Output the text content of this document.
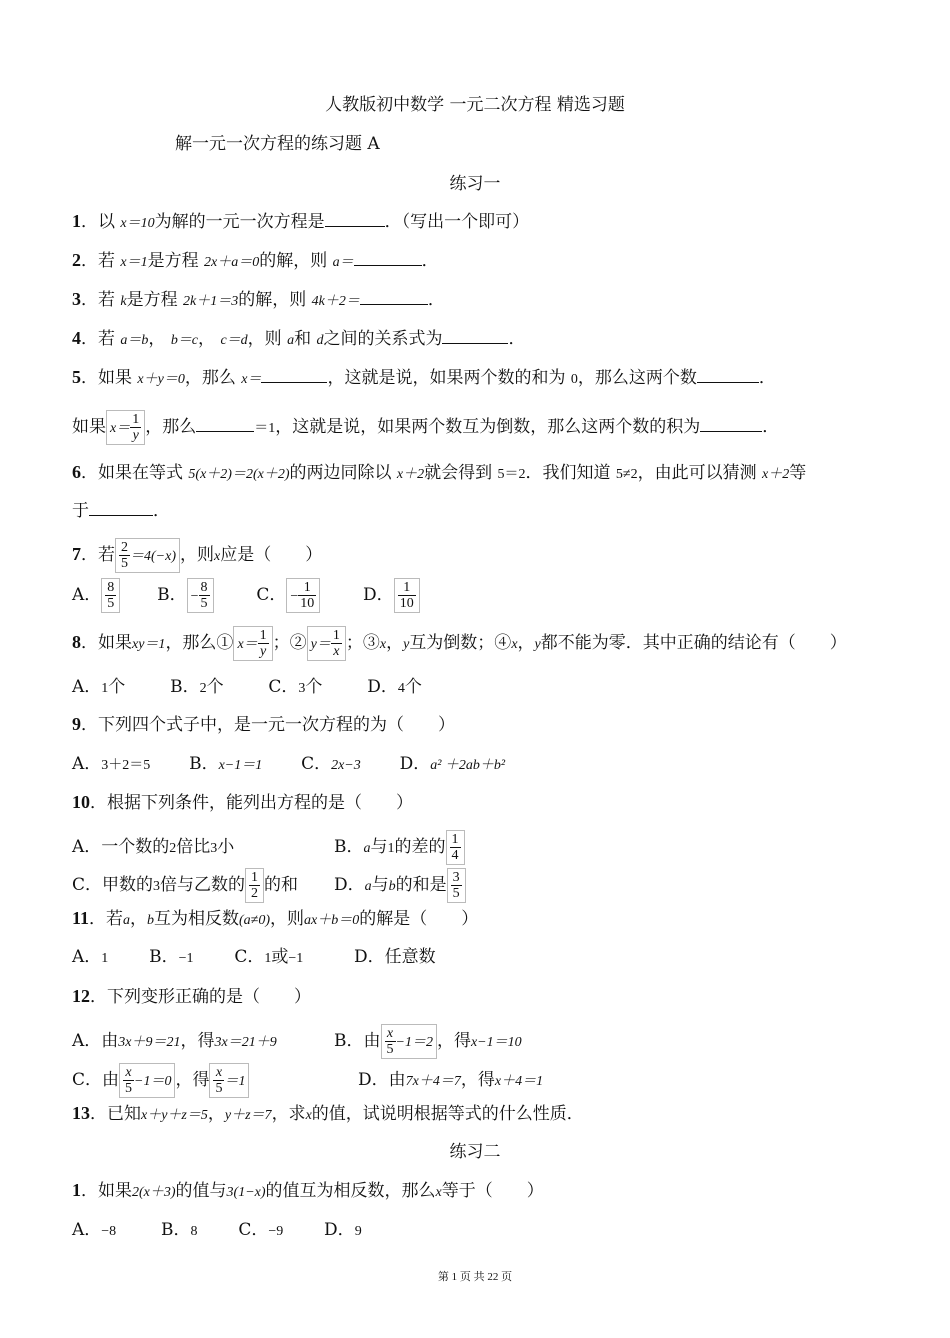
人教版初中数学 一元二次方程 精选习题
解一元一次方程的练习题 A
练习一
1．以 x＝10为解的一元一次方程是	．（写出一个即可）
2．若 x＝1是方程 2x＋a＝0的解，则 a＝	．
3．若 k是方程 2k＋1＝3的解，则 4k＋2＝	．
4．若 a＝b， b＝c， c＝d，则 a和 d之间的关系式为	．
5．如果 x＋y＝0，那么 x＝	，这就是说，如果两个数的和为 0，那么这两个数	．
如果 $x= \frac{1}{y}$ ，那么	＝1，这就是说，如果两个数互为倒数，那么这两个数的积为	．
6．如果在等式 5(x＋2)＝2(x＋2)的两边同除以 x＋2就会得到 5＝2．我们知道 5≠2，由此可以猜测 x＋2等
于	．
7．若 $\frac{2}{5} =4(-x)$ ，则x应是（　　）
A． $\frac{8}{5}$ B． − $\frac{8}{5}$	C． − $\frac{1}{10}$	D． $\frac{1}{10}$
8．如果xy＝1，那么① $x= \frac{1}{y}$ ；② $y= \frac{1}{x}$ ；③x，y互为倒数；④x，y都不能为零．其中正确的结论有（　　）
A．1个	B．2个	C．3个	D．4个
9．下列四个式子中，是一元一次方程的为（　　）
A．3＋2＝5 B．x−1＝1 C．2x−3 D．a² ＋2ab＋b²
10．根据下列条件，能列出方程的是（　　）
A．一个数的2倍比3小	B．a与1的差的 $\frac{1}{4}$
C．甲数的3倍与乙数的 $\frac{1}{2}$ 的和 D．a与b的和是 $\frac{3}{5}$
11．若a，b互为相反数(a≠0)，则ax＋b＝0的解是（　　）
A．1 B．−1 C．1或−1	D．任意数
12．下列变形正确的是（　　）
A．由3x＋9＝21，得3x＝21＋9	B．由 $\frac{x}{5} -1=2$ ，得x−1＝10
C．由 $\frac{x}{5} -1=0$ ，得 $\frac{x}{5} =1$	D．由7x＋4＝7，得x＋4＝1
13．已知x＋y＋z＝5，y＋z＝7，求x的值，试说明根据等式的什么性质．
练习二
1．如果2(x＋3)的值与3(1−x)的值互为相反数，那么x等于（　　）
A．−8	B．8 C．−9 D．9
第 1 页 共 22 页
